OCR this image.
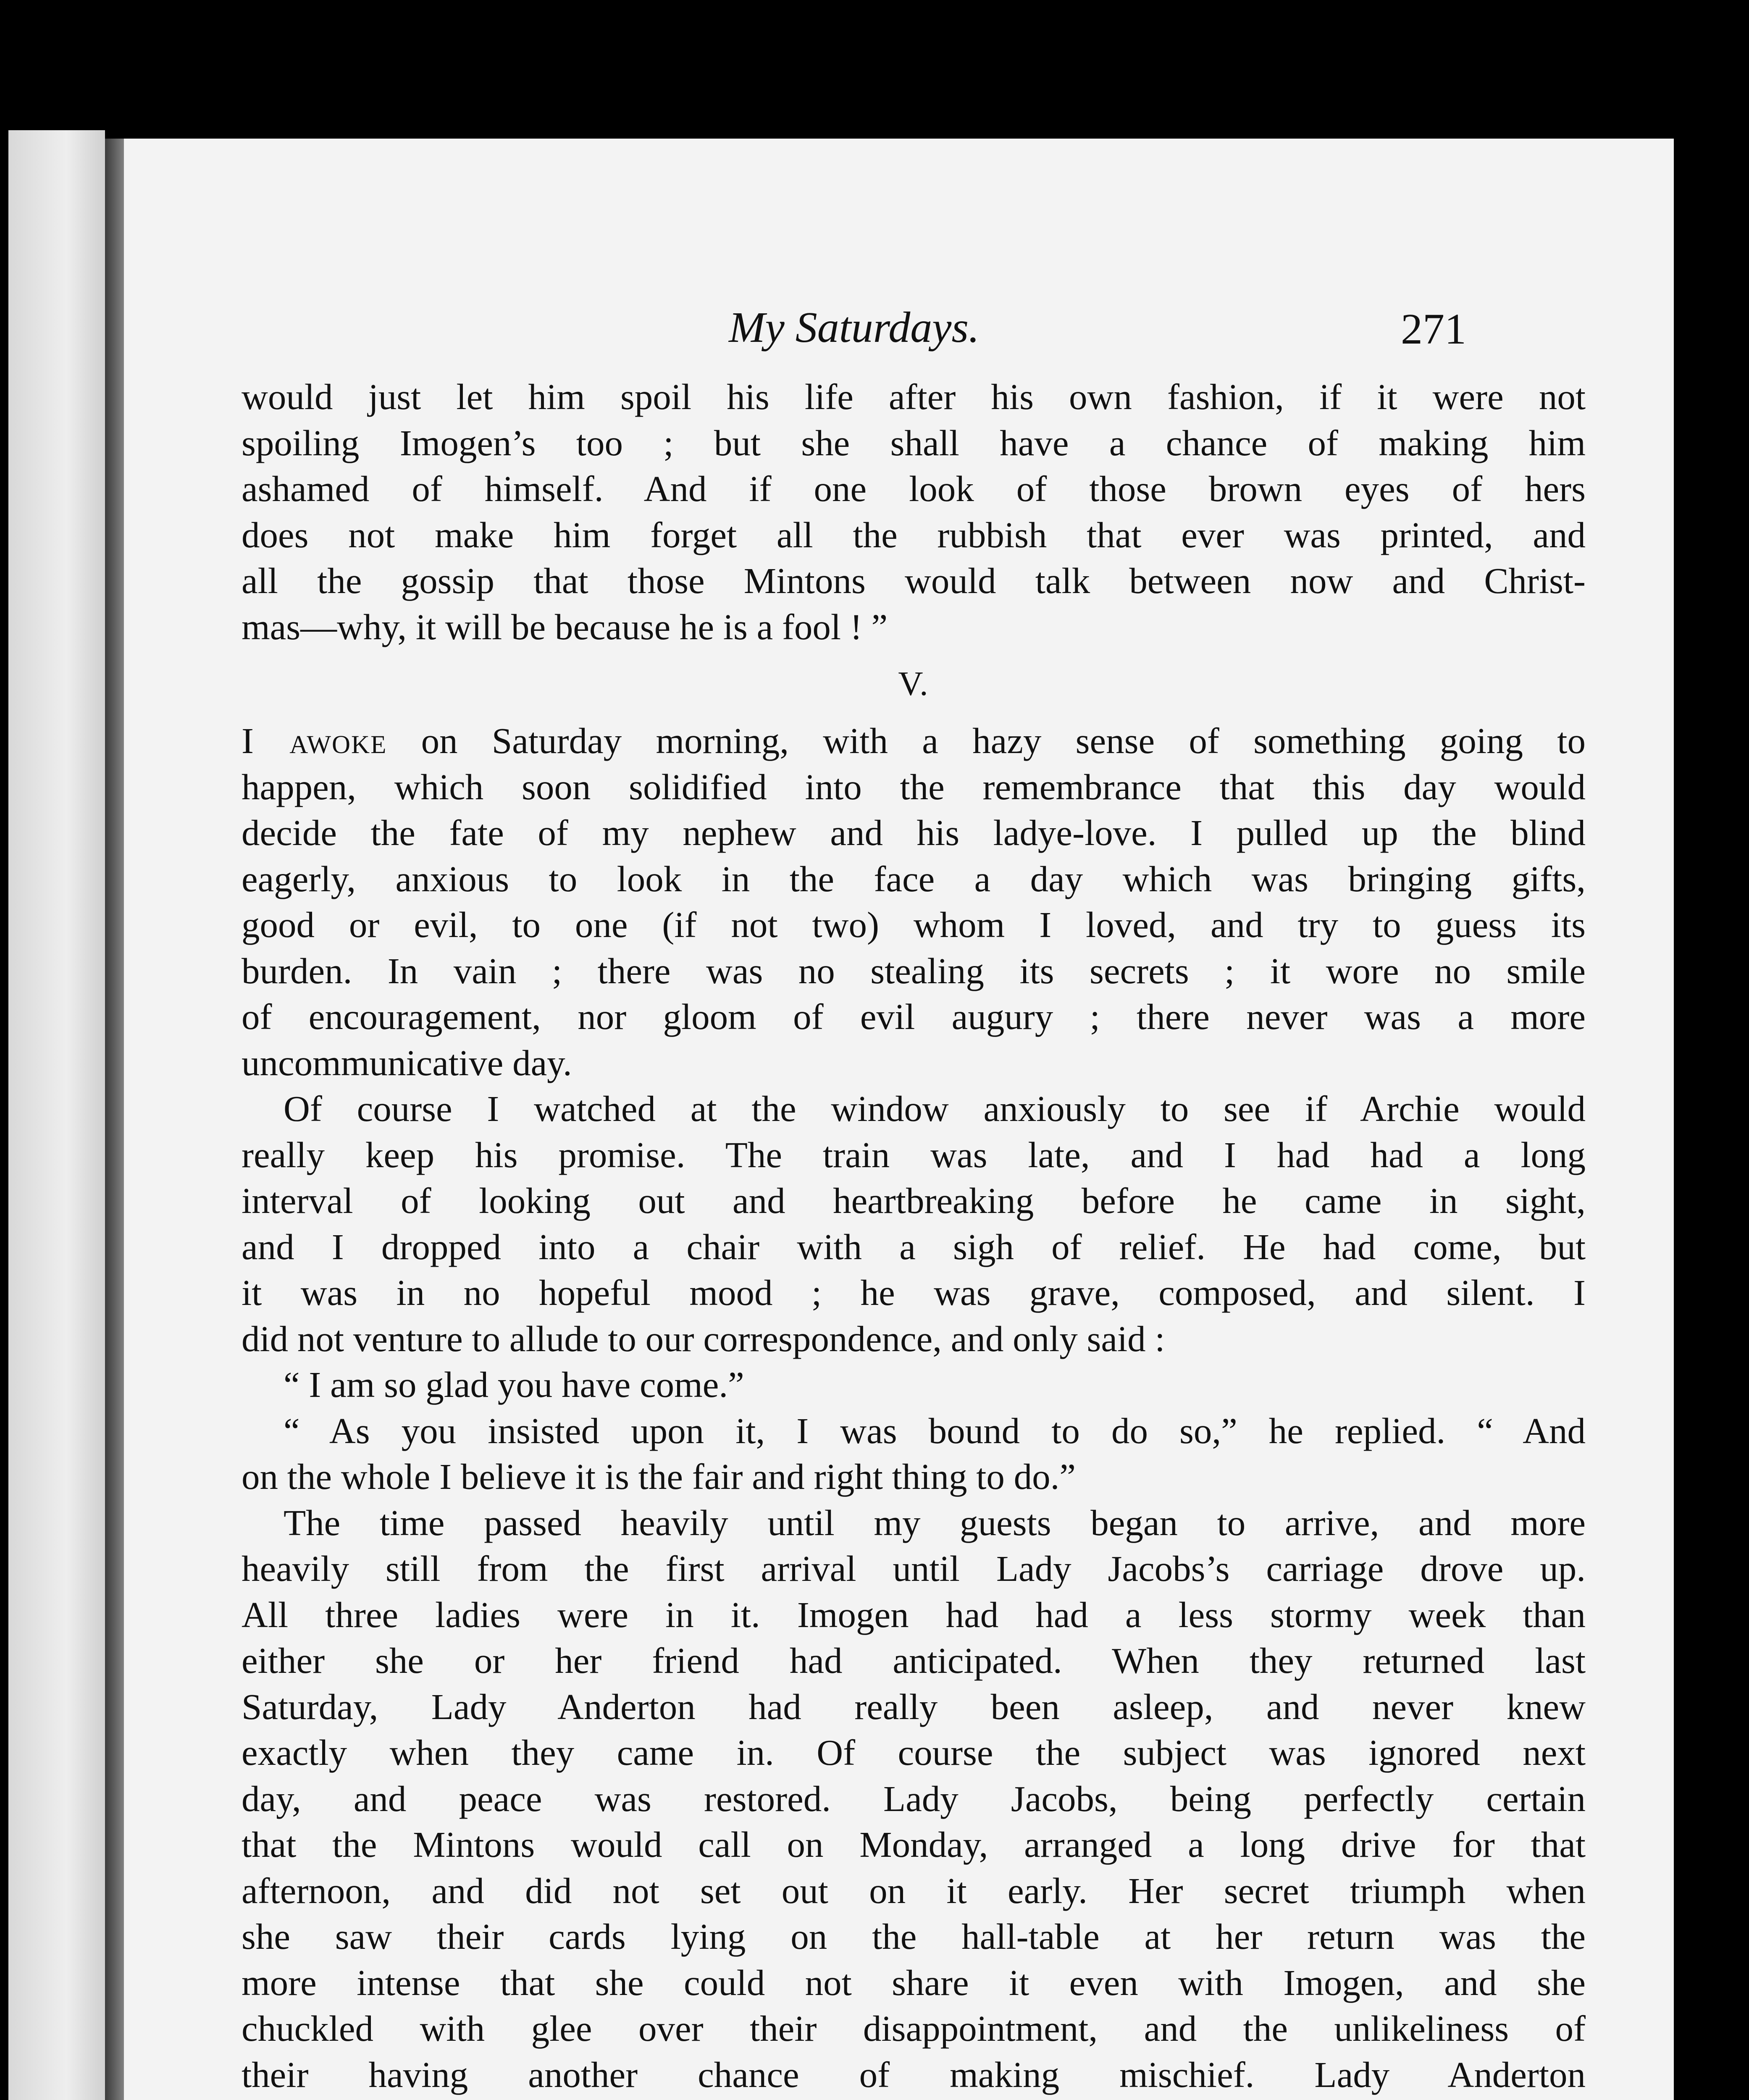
My Saturdays.	271
would just let him spoil his life after his own fashion, if it were not
spoiling Imogen’s too ; but she shall have a chance of making him
ashamed of himself. And if one look of those brown eyes of hers
does not make him forget all the rubbish that ever was printed, and
all the gossip that those Mintons would talk between now and Christ-
mas—why, it will be because he is a fool ! ”
V.
I awoke on Saturday morning, with a hazy sense of something going to
happen, which soon solidified into the remembrance that this day would
decide the fate of my nephew and his ladye-love. I pulled up the blind
eagerly, anxious to look in the face a day which was bringing gifts,
good or evil, to one (if not two) whom I loved, and try to guess its
burden. In vain ; there was no stealing its secrets ; it wore no smile
of encouragement, nor gloom of evil augury ; there never was a more
uncommunicative day.
Of course I watched at the window anxiously to see if Archie would
really keep his promise. The train was late, and I had had a long
interval of looking out and heartbreaking before he came in sight,
and I dropped into a chair with a sigh of relief. He had come, but
it was in no hopeful mood ; he was grave, composed, and silent. I
did not venture to allude to our correspondence, and only said :
“ I am so glad you have come.”
“ As you insisted upon it, I was bound to do so,” he replied. “ And
on the whole I believe it is the fair and right thing to do.”
The time passed heavily until my guests began to arrive, and more
heavily still from the first arrival until Lady Jacobs’s carriage drove up.
All three ladies were in it. Imogen had had a less stormy week than
either she or her friend had anticipated. When they returned last
Saturday, Lady Anderton had really been asleep, and never knew
exactly when they came in. Of course the subject was ignored next
day, and peace was restored. Lady Jacobs, being perfectly certain
that the Mintons would call on Monday, arranged a long drive for that
afternoon, and did not set out on it early. Her secret triumph when
she saw their cards lying on the hall-table at her return was the
more intense that she could not share it even with Imogen, and she
chuckled with glee over their disappointment, and the unlikeliness of
their having another chance of making mischief. Lady Anderton
